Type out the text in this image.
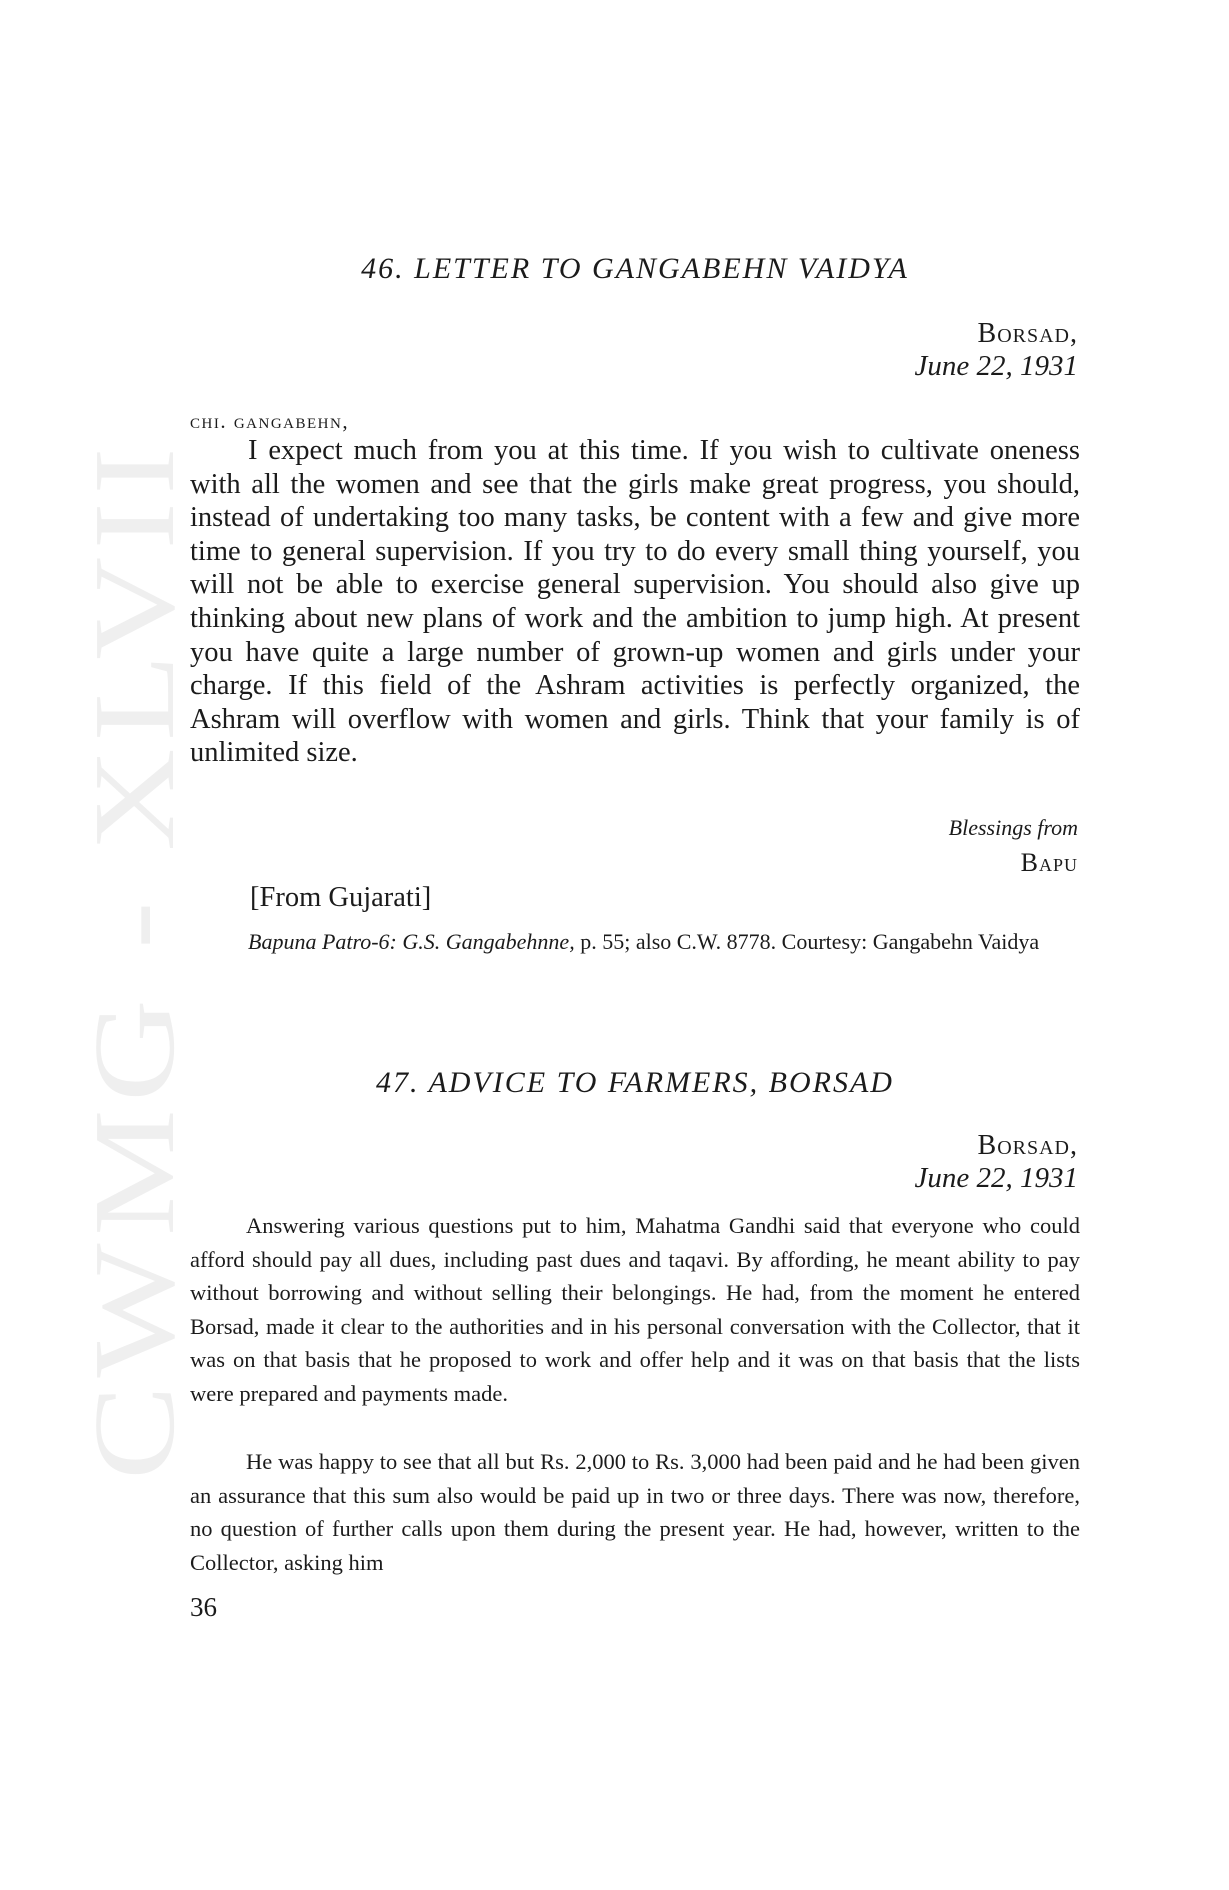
CWMG - XLVII
46. LETTER TO GANGABEHN VAIDYA
Borsad,
June 22, 1931
chi. gangabehn,

I expect much from you at this time. If you wish to cultivate oneness with all the women and see that the girls make great progress, you should, instead of undertaking too many tasks, be content with a few and give more time to general supervision. If you try to do every small thing yourself, you will not be able to exercise general supervision. You should also give up thinking about new plans of work and the ambition to jump high. At present you have quite a large number of grown-up women and girls under your charge. If this field of the Ashram activities is perfectly organized, the Ashram will overflow with women and girls. Think that your family is of unlimited size.

Blessings from
Bapu
[From Gujarati]

Bapuna Patro-6: G.S. Gangabehnne, p. 55; also C.W. 8778. Courtesy: Gangabehn Vaidya

47. ADVICE TO FARMERS, BORSAD
Borsad,
June 22, 1931

Answering various questions put to him, Mahatma Gandhi said that everyone who could afford should pay all dues, including past dues and taqavi. By affording, he meant ability to pay without borrowing and without selling their belongings. He had, from the moment he entered Borsad, made it clear to the authorities and in his personal conversation with the Collector, that it was on that basis that he proposed to work and offer help and it was on that basis that the lists were prepared and payments made.

He was happy to see that all but Rs. 2,000 to Rs. 3,000 had been paid and he had been given an assurance that this sum also would be paid up in two or three days. There was now, therefore, no question of further calls upon them during the present year. He had, however, written to the Collector, asking him

36
